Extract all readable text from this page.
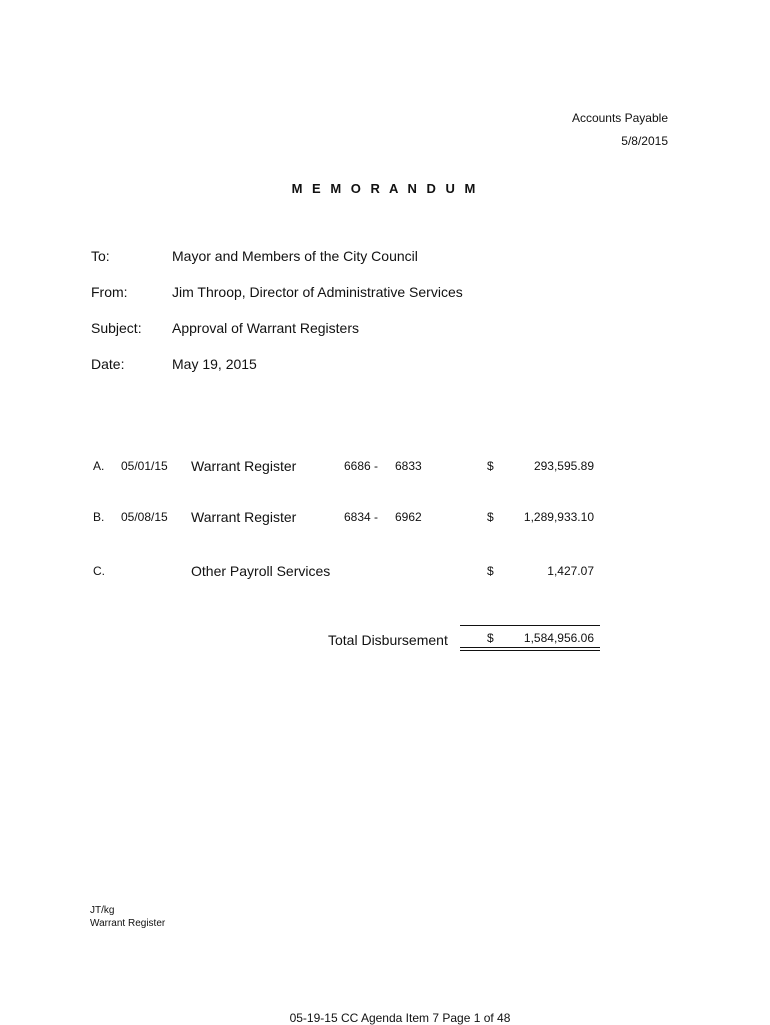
Accounts Payable
5/8/2015
M E M O R A N D U M
To:	Mayor and Members of the City Council
From:	Jim Throop, Director of Administrative Services
Subject: Approval of Warrant Registers
Date:	May 19, 2015
A. 05/01/15 Warrant Register	6686 - 6833	$	293,595.89
B. 05/08/15 Warrant Register	6834 - 6962	$	1,289,933.10
C.	Other Payroll Services	$	1,427.07
Total Disbursement	$	1,584,956.06
JT/kg
Warrant Register
05-19-15 CC Agenda Item 7 Page 1 of 48
